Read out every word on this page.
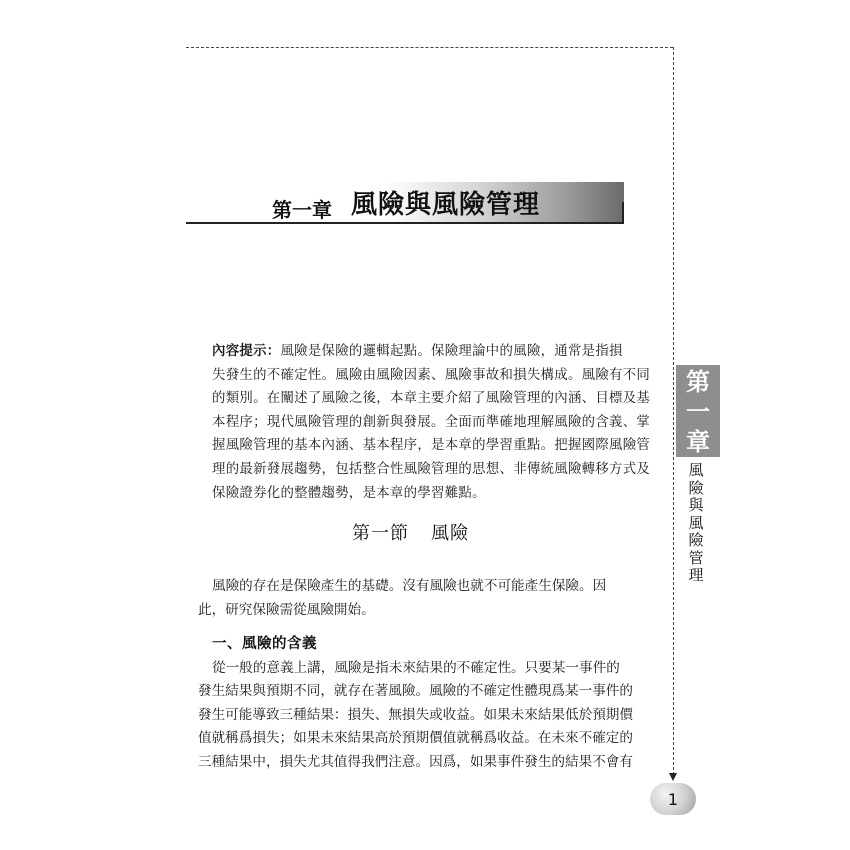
第一章 風險與風險管理
第
一
章
風
險
與
風
險
管
理
內容提示：風險是保險的邏輯起點。保險理論中的風險，通常是指損
失發生的不確定性。風險由風險因素、風險事故和損失構成。風險有不同
的類別。在闡述了風險之後，本章主要介紹了風險管理的內涵、目標及基
本程序；現代風險管理的創新與發展。全面而準確地理解風險的含義、掌
握風險管理的基本內涵、基本程序，是本章的學習重點。把握國際風險管
理的最新發展趨勢，包括整合性風險管理的思想、非傳統風險轉移方式及
保險證券化的整體趨勢，是本章的學習難點。
第一節 風險
風險的存在是保險產生的基礎。沒有風險也就不可能產生保險。因
此，研究保險需從風險開始。
一、風險的含義
從一般的意義上講，風險是指未來結果的不確定性。只要某一事件的
發生結果與預期不同，就存在著風險。風險的不確定性體現爲某一事件的
發生可能導致三種結果：損失、無損失或收益。如果未來結果低於預期價
值就稱爲損失；如果未來結果高於預期價值就稱爲收益。在未來不確定的
三種結果中，損失尤其值得我們注意。因爲，如果事件發生的結果不會有
1
